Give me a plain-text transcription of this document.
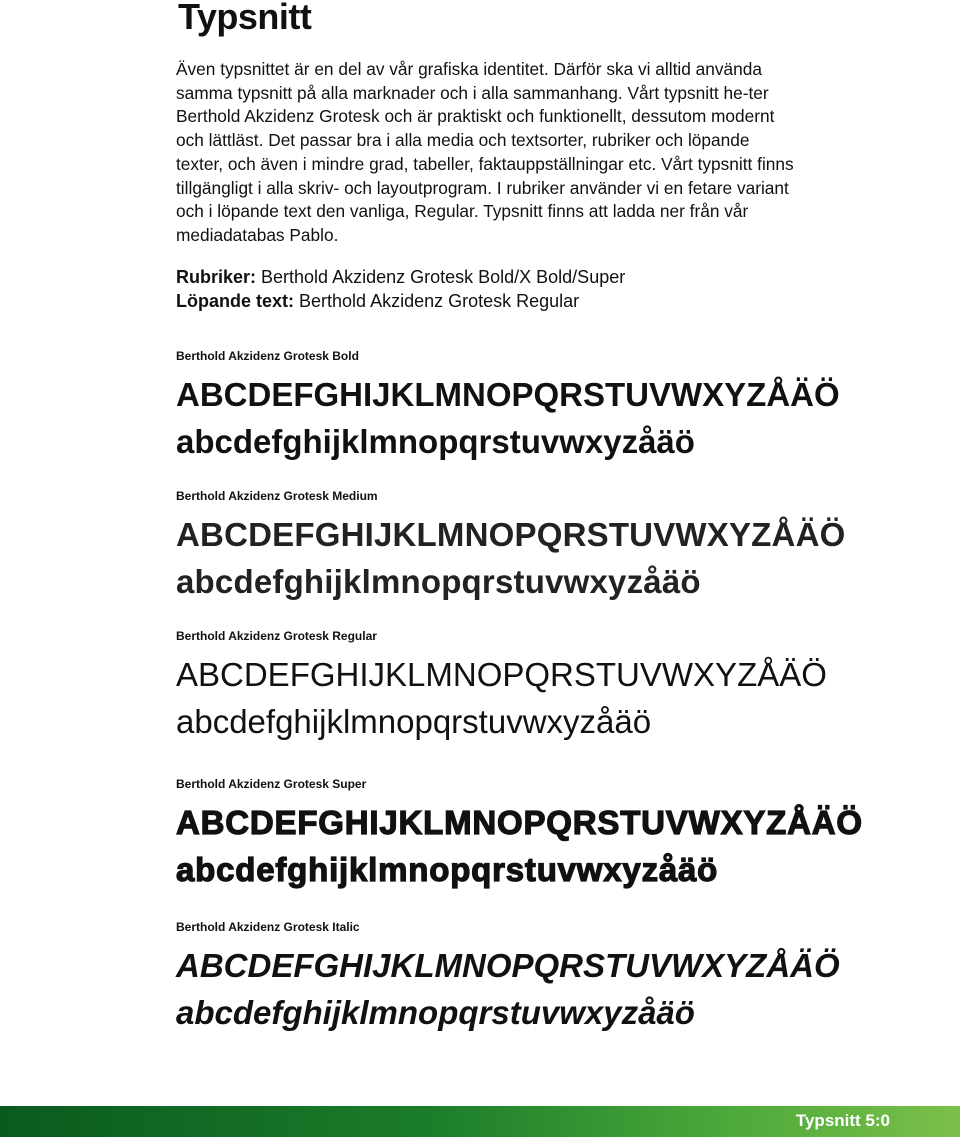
Typsnitt

Även typsnittet är en del av vår grafiska identitet. Därför ska vi alltid använda samma typsnitt på alla marknader och i alla sammanhang. Vårt typsnitt he-ter Berthold Akzidenz Grotesk och är praktiskt och funktionellt, dessutom modernt och lättläst. Det passar bra i alla media och textsorter, rubriker och löpande texter, och även i mindre grad, tabeller, faktauppställningar etc. Vårt typsnitt finns tillgängligt i alla skriv- och layoutprogram. I rubriker använder vi en fetare variant och i löpande text den vanliga, Regular. Typsnitt finns att ladda ner från vår mediadatabas Pablo.

Rubriker: Berthold Akzidenz Grotesk Bold/X Bold/Super
Löpande text: Berthold Akzidenz Grotesk Regular
Berthold Akzidenz Grotesk Bold
ABCDEFGHIJKLMNOPQRSTUVWXYZÅÄÖ
abcdefghijklmnopqrstuvwxyzåäö
Berthold Akzidenz Grotesk Medium
ABCDEFGHIJKLMNOPQRSTUVWXYZÅÄÖ
abcdefghijklmnopqrstuvwxyzåäö
Berthold Akzidenz Grotesk Regular
ABCDEFGHIJKLMNOPQRSTUVWXYZÅÄÖ
abcdefghijklmnopqrstuvwxyzåäö
Berthold Akzidenz Grotesk Super
ABCDEFGHIJKLMNOPQRSTUVWXYZÅÄÖ
abcdefghijklmnopqrstuvwxyzåäö
Berthold Akzidenz Grotesk Italic
ABCDEFGHIJKLMNOPQRSTUVWXYZÅÄÖ
abcdefghijklmnopqrstuvwxyzåäö
Typsnitt 5:0
